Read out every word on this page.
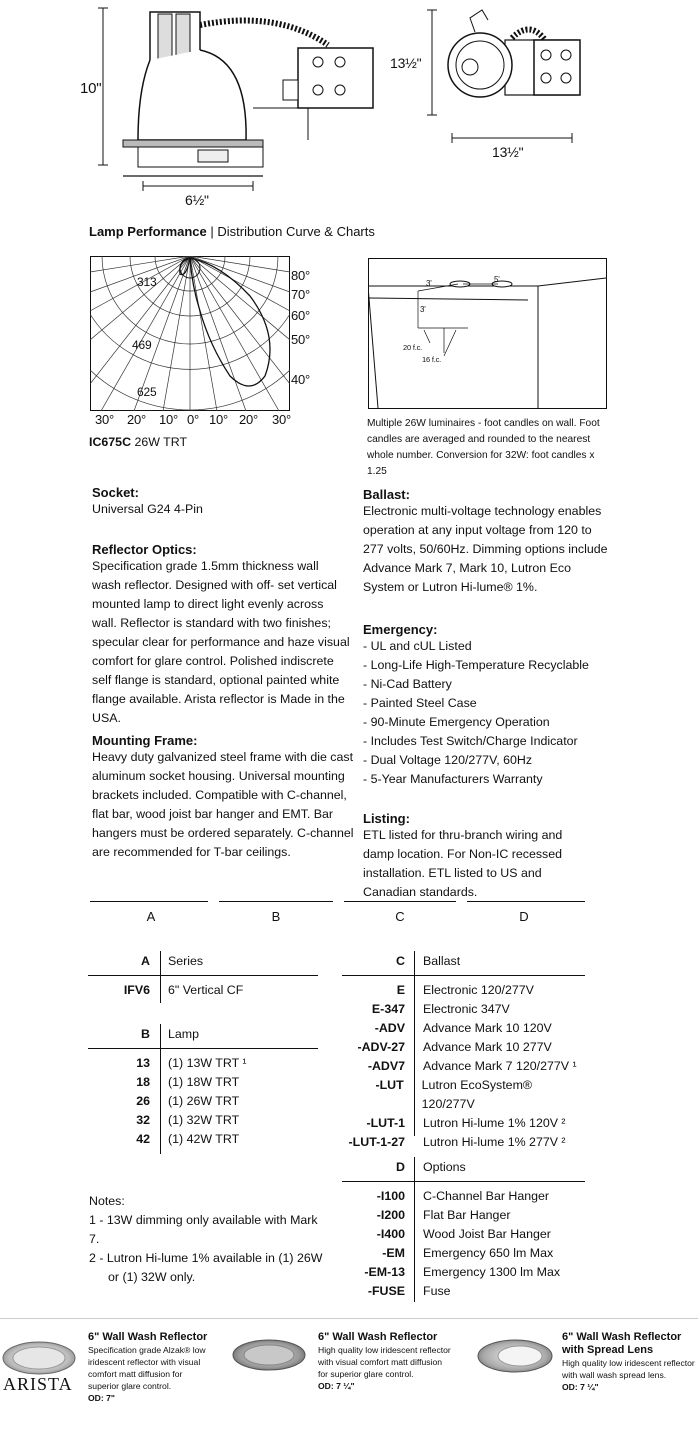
10"
6½"
13½"
13½"
Lamp Performance | Distribution Curve & Charts
313
469
625
80°
70°
60°
50°
40°
30° 20° 10° 0° 10° 20° 30°
IC675C 26W TRT
3'	5'
3'
20 f.c.
16 f.c.
Multiple 26W luminaires - foot candles on wall. Foot candles are averaged and rounded to the nearest whole number. Conversion for 32W: foot candles x 1.25

Socket:

Universal G24 4-Pin

Reflector Optics:

Specification grade 1.5mm thickness wall wash reflector. Designed with off- set vertical mounted lamp to direct light evenly across wall. Reflector is standard with two finishes; specular clear for performance and haze visual comfort for glare control. Polished indiscrete self flange is standard, optional painted white flange available. Arista reflector is Made in the USA.

Mounting Frame:

Heavy duty galvanized steel frame with die cast aluminum socket housing. Universal mounting brackets included. Compatible with C-channel, flat bar, wood joist bar hanger and EMT. Bar hangers must be ordered separately. C-channel are recommended for T-bar ceilings.

Ballast:

Electronic multi-voltage technology enables operation at any input voltage from 120 to 277 volts, 50/60Hz. Dimming options include Advance Mark 7, Mark 10, Lutron Eco System or Lutron Hi-lume® 1%.

Emergency:

- UL and cUL Listed
- Long-Life High-Temperature Recyclable
- Ni-Cad Battery
- Painted Steel Case
- 90-Minute Emergency Operation
- Includes Test Switch/Charge Indicator
- Dual Voltage 120/277V, 60Hz
- 5-Year Manufacturers Warranty

Listing:

ETL listed for thru-branch wiring and damp location. For Non-IC recessed installation. ETL listed to US and Canadian standards.

A	B	C	D
A	Series
IFV6	6" Vertical CF
B	Lamp
13	(1) 13W TRT ¹
18	(1) 18W TRT
26	(1) 26W TRT
32	(1) 32W TRT
42	(1) 42W TRT
C	Ballast
E	Electronic 120/277V
E-347	Electronic 347V
-ADV	Advance Mark 10 120V
-ADV-27	Advance Mark 10 277V
-ADV7	Advance Mark 7 120/277V ¹
-LUT	Lutron EcoSystem® 120/277V
-LUT-1	Lutron Hi-lume 1% 120V ²
-LUT-1-27	Lutron Hi-lume 1% 277V ²
D	Options
-I100	C-Channel Bar Hanger
-I200	Flat Bar Hanger
-I400	Wood Joist Bar Hanger
-EM	Emergency 650 lm Max
-EM-13	Emergency 1300 lm Max
-FUSE	Fuse
Notes:
1 - 13W dimming only available with Mark 7.
2 - Lutron Hi-lume 1% available in (1) 26W
or (1) 32W only.
ARISTA

6" Wall Wash Reflector

Specification grade Alzak® low iridescent reflector with visual comfort matt diffusion for superior glare control.

OD: 7"

6" Wall Wash Reflector

High quality low iridescent reflector with visual comfort matt diffusion for superior glare control.

OD: 7 ¼"

6" Wall Wash Reflector with Spread Lens

High quality low iridescent reflector with wall wash spread lens.

OD: 7 ¼"
